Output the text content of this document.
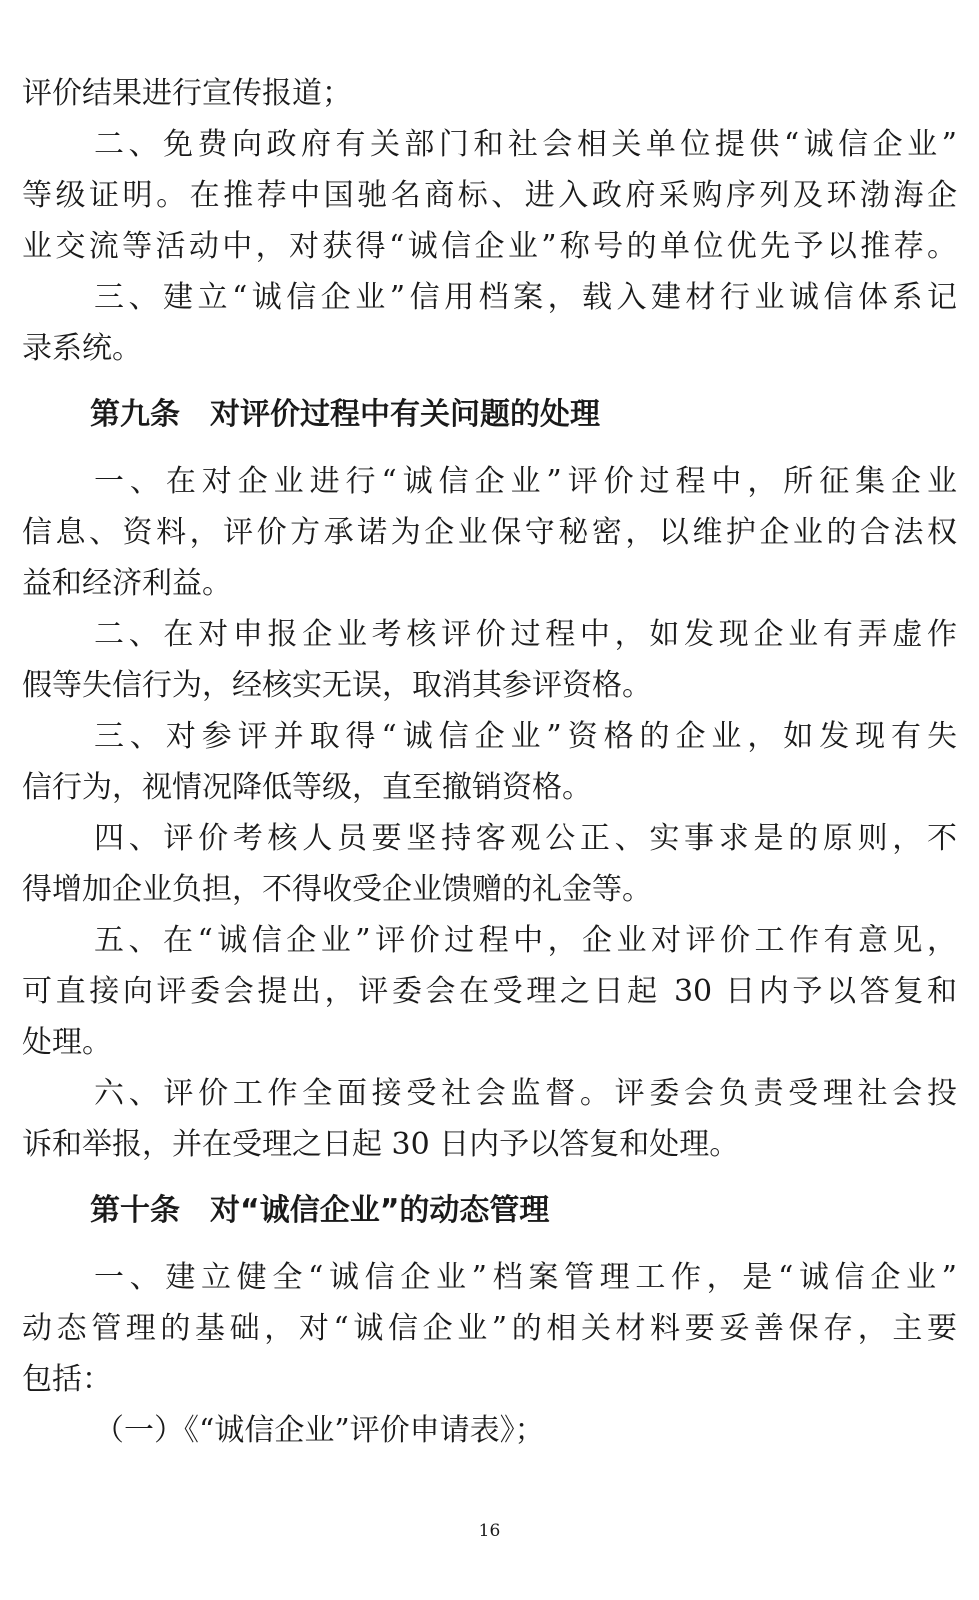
评价结果进行宣传报道；
二、免费向政府有关部门和社会相关单位提供“诚信企业”
等级证明。在推荐中国驰名商标、进入政府采购序列及环渤海企
业交流等活动中，对获得“诚信企业”称号的单位优先予以推荐。
三、建立“诚信企业”信用档案，载入建材行业诚信体系记
录系统。
第九条　对评价过程中有关问题的处理
一、在对企业进行“诚信企业”评价过程中，所征集企业
信息、资料，评价方承诺为企业保守秘密，以维护企业的合法权
益和经济利益。
二、在对申报企业考核评价过程中，如发现企业有弄虚作
假等失信行为，经核实无误，取消其参评资格。
三、对参评并取得“诚信企业”资格的企业，如发现有失
信行为，视情况降低等级，直至撤销资格。
四、评价考核人员要坚持客观公正、实事求是的原则，不
得增加企业负担，不得收受企业馈赠的礼金等。
五、在“诚信企业”评价过程中，企业对评价工作有意见，
可直接向评委会提出，评委会在受理之日起 30 日内予以答复和
处理。
六、评价工作全面接受社会监督。评委会负责受理社会投
诉和举报，并在受理之日起 30 日内予以答复和处理。
第十条　对“诚信企业”的动态管理
一、建立健全“诚信企业”档案管理工作，是“诚信企业”
动态管理的基础，对“诚信企业”的相关材料要妥善保存，主要
包括：
（一）《“诚信企业”评价申请表》；
16
